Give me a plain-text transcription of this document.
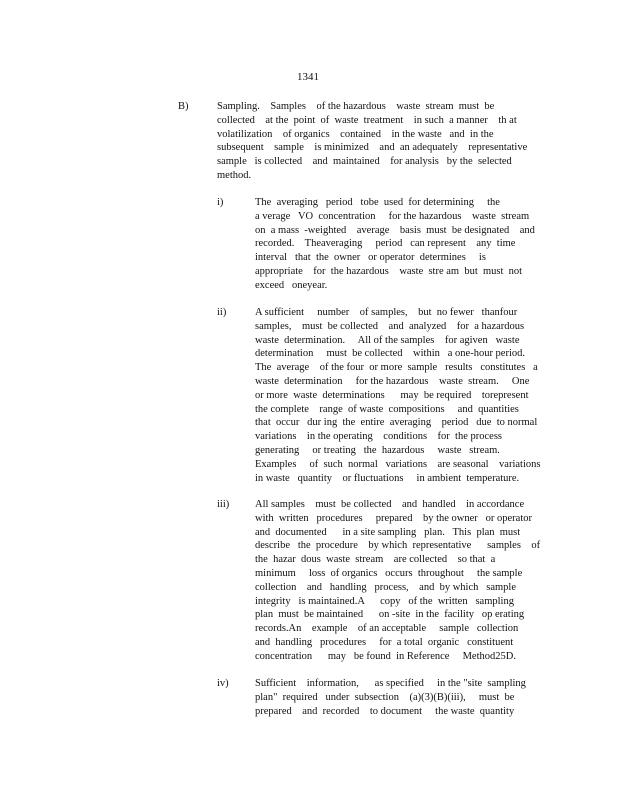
1341
B)	Sampling.    Samples    of the hazardous    waste  stream  must  be
collected    at the  point  of  waste  treatment    in such  a manner    th at
volatilization    of organics    contained    in the waste   and  in the
subsequent    sample    is minimized    and  an adequately    representative
sample   is collected    and  maintained    for analysis   by the  selected
method.
i)	The  averaging   period   tobe  used  for determining     the
a verage   VO  concentration     for the hazardous    waste  stream
on  a mass  -weighted    average    basis  must  be designated    and
recorded.    Theaveraging     period   can represent    any  time
interval   that  the  owner   or operator  determines     is
appropriate    for  the hazardous    waste  stre am  but  must  not
exceed   oneyear.
ii)	A sufficient     number    of samples,    but  no fewer   thanfour
samples,    must  be collected    and  analyzed    for  a hazardous
waste  determination.     All of the samples    for agiven   waste
determination     must  be collected    within   a one-hour period.
The  average    of the four  or more  sample   results   constitutes   a
waste  determination     for the hazardous    waste  stream.     One
or more  waste  determinations      may  be required    torepresent
the complete    range  of waste  compositions     and  quantities
that  occur   dur ing  the  entire  averaging    period   due  to normal
variations    in the operating    conditions    for  the process
generating     or treating   the  hazardous     waste   stream.
Examples     of  such  normal   variations    are seasonal    variations
in waste   quantity    or fluctuations     in ambient  temperature.
iii) All samples    must  be collected    and  handled    in accordance
with  written   procedures     prepared    by the owner   or operator
and  documented      in a site sampling   plan.   This  plan  must
describe   the  procedure    by which  representative      samples    of
the  hazar  dous  waste  stream    are collected    so that  a
minimum     loss  of organics   occurs  throughout     the sample
collection    and   handling   process,    and  by which   sample
integrity   is maintained.A      copy   of the  written   sampling
plan  must  be maintained      on -site  in the  facility   op erating
records.An    example    of an acceptable     sample   collection
and  handling   procedures     for  a total  organic   constituent
concentration      may   be found  in Reference     Method25D.
iv)	Sufficient    information,      as specified     in the "site  sampling
plan"  required   under  subsection    (a)(3)(B)(iii),     must  be
prepared    and  recorded    to document     the waste  quantity
